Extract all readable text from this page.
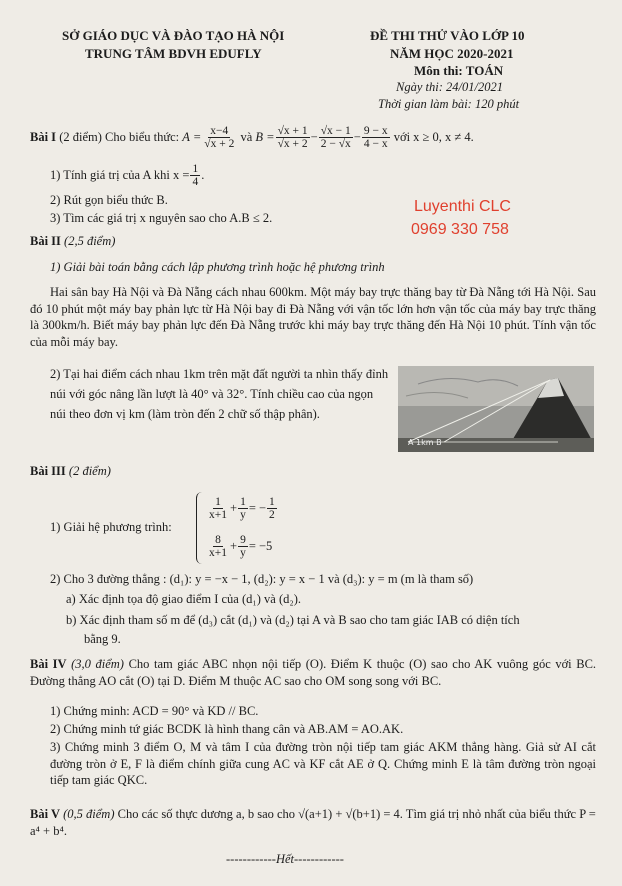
SỞ GIÁO DỤC VÀ ĐÀO TẠO HÀ NỘI
TRUNG TÂM BDVH EDUFLY
ĐỀ THI THỬ VÀO LỚP 10
NĂM HỌC 2020-2021
Môn thi: TOÁN
Ngày thi: 24/01/2021
Thời gian làm bài: 120 phút
Bài I
(2 điểm)
Cho biểu thức:
$A = \frac{x-4}{√x + 2}$
và
$B = \frac{√x + 1}{√x + 2} - \frac{√x - 1}{2 - √x} - \frac{9 - x}{4 - x}$
với x ≥ 0, x ≠ 4.
1) Tính giá trị của A khi $x = \frac{1}{4}$ .
2) Rút gọn biểu thức B.
3) Tìm các giá trị x nguyên sao cho A.B ≤ 2.
Luyenthi CLC
0969 330 758
Bài II (2,5 điểm)
1) Giải bài toán bằng cách lập phương trình hoặc hệ phương trình
Hai sân bay Hà Nội và Đà Nẵng cách nhau 600km. Một máy bay trực thăng bay từ Đà Nẵng tới Hà Nội. Sau đó 10 phút một máy bay phản lực từ Hà Nội bay đi Đà Nẵng với vận tốc lớn hơn vận tốc của máy bay trực thăng là 300km/h. Biết máy bay phản lực đến Đà Nẵng trước khi máy bay trực thăng đến Hà Nội 10 phút. Tính vận tốc của mỗi máy bay.
2) Tại hai điểm cách nhau 1km trên mặt đất người ta nhìn thấy đỉnh núi với góc nâng lần lượt là 40° và 32°. Tính chiều cao của ngọn núi theo đơn vị km (làm tròn đến 2 chữ số thập phân).
A 1km B
Bài III (2 điểm)
1) Giải hệ phương trình:
$\frac{1}{x+1} + \frac{1}{y}$ = − $\frac{1}{2}$
$\frac{8}{x+1} + \frac{9}{y} = -5$
2) Cho 3 đường thẳng : (d₁): y = −x − 1, (d₂): y = x − 1 và (d₃): y = m (m là tham số)
a) Xác định tọa độ giao điểm I của (d₁) và (d₂).
b) Xác định tham số m để (d₃) cắt (d₁) và (d₂) tại A và B sao cho tam giác IAB có diện tích
bằng 9.
Bài IV (3,0 điểm) Cho tam giác ABC nhọn nội tiếp (O). Điểm K thuộc (O) sao cho AK vuông góc với BC. Đường thẳng AO cắt (O) tại D. Điểm M thuộc AC sao cho OM song song với BC.
1) Chứng minh: ACD = 90° và KD // BC.
2) Chứng minh tứ giác BCDK là hình thang cân và AB.AM = AO.AK.
3) Chứng minh 3 điểm O, M và tâm I của đường tròn nội tiếp tam giác AKM thẳng hàng. Giả sử AI cắt đường tròn ở E, F là điểm chính giữa cung AC và KF cắt AE ở Q. Chứng minh E là tâm đường tròn ngoại tiếp tam giác QKC.
Bài V (0,5 điểm) Cho các số thực dương a, b sao cho √(a+1) + √(b+1) = 4. Tìm giá trị nhỏ nhất của biểu thức P = a⁴ + b⁴.
------------Hết------------
